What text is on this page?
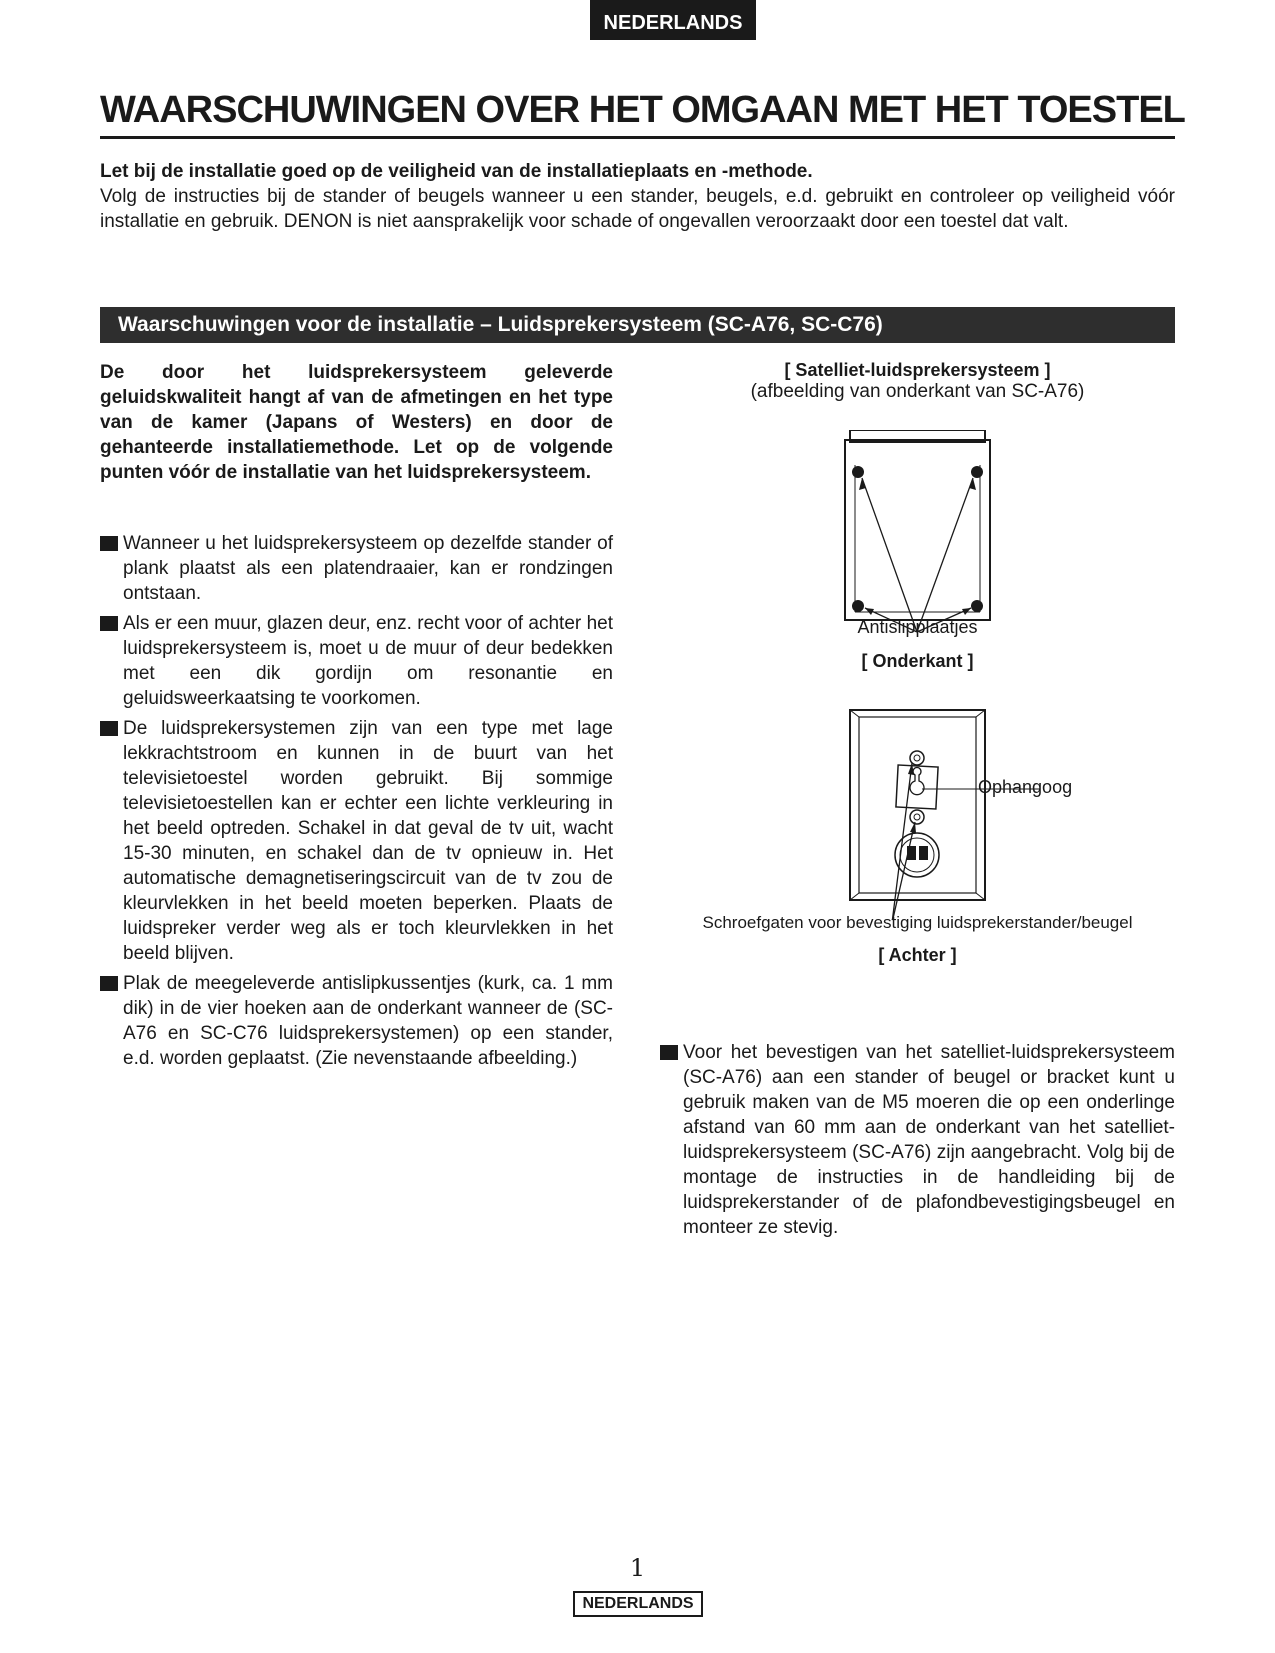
NEDERLANDS
WAARSCHUWINGEN OVER HET OMGAAN MET HET TOESTEL
Let bij de installatie goed op de veiligheid van de installatieplaats en -methode.
Volg de instructies bij de stander of beugels wanneer u een stander, beugels, e.d. gebruikt en controleer op veiligheid vóór installatie en gebruik. DENON is niet aansprakelijk voor schade of ongevallen veroorzaakt door een toestel dat valt.
Waarschuwingen voor de installatie – Luidsprekersysteem (SC-A76, SC-C76)

De door het luidsprekersysteem geleverde geluidskwaliteit hangt af van de afmetingen en het type van de kamer (Japans of Westers) en door de gehanteerde installatiemethode. Let op de volgende punten vóór de installatie van het luidsprekersysteem.

Wanneer u het luidsprekersysteem op dezelfde stander of plank plaatst als een platendraaier, kan er rondzingen ontstaan.
Als er een muur, glazen deur, enz. recht voor of achter het luidsprekersysteem is, moet u de muur of deur bedekken met een dik gordijn om resonantie en geluidsweerkaatsing te voorkomen.
De luidsprekersystemen zijn van een type met lage lekkrachtstroom en kunnen in de buurt van het televisietoestel worden gebruikt. Bij sommige televisietoestellen kan er echter een lichte verkleuring in het beeld optreden. Schakel in dat geval de tv uit, wacht 15-30 minuten, en schakel dan de tv opnieuw in. Het automatische demagnetiseringscircuit van de tv zou de kleurvlekken in het beeld moeten beperken. Plaats de luidspreker verder weg als er toch kleurvlekken in het beeld blijven.
Plak de meegeleverde antislipkussentjes (kurk, ca. 1 mm dik) in de vier hoeken aan de onderkant wanneer de (SC-A76 en SC-C76 luidsprekersystemen) op een stander, e.d. worden geplaatst. (Zie nevenstaande afbeelding.)
[ Satelliet-luidsprekersysteem ]
(afbeelding van onderkant van SC-A76)
Antislipplaatjes
[ Onderkant ]
Ophangoog
Schroefgaten voor bevestiging luidsprekerstander/beugel
[ Achter ]
Voor het bevestigen van het satelliet-luidsprekersysteem (SC-A76) aan een stander of beugel or bracket kunt u gebruik maken van de M5 moeren die op een onderlinge afstand van 60 mm aan de onderkant van het satelliet-luidsprekersysteem (SC-A76) zijn aangebracht. Volg bij de montage de instructies in de handleiding bij de luidsprekerstander of de plafondbevestigingsbeugel en monteer ze stevig.
1
NEDERLANDS
